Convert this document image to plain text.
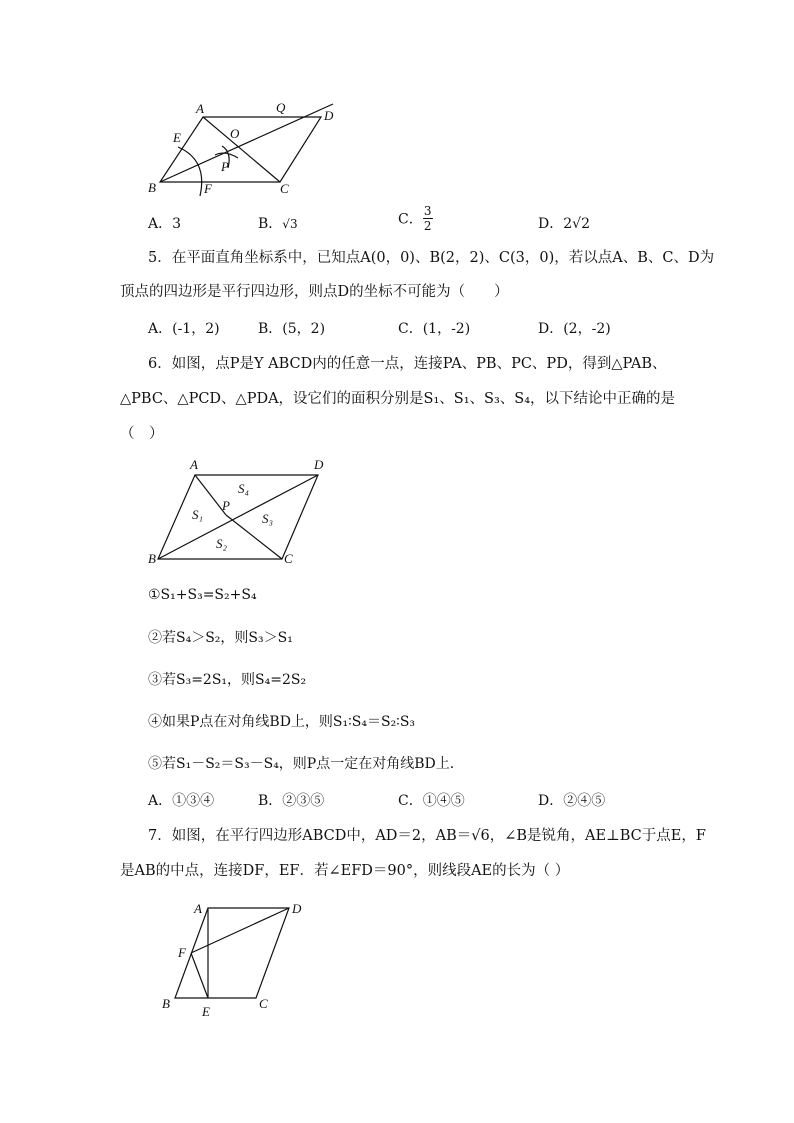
A	Q
D
E	O
P
B	F	C
A．3	B．√3	C． $\frac{3}{2}$	D．2√2
5．在平面直角坐标系中，已知点A(0，0)、B(2，2)、C(3，0)，若以点A、B、C、D为
顶点的四边形是平行四边形，则点D的坐标不可能为（　　）
A．(-1，2)	B．(5，2)	C．(1，-2)	D．(2，-2)
6．如图，点P是Y ABCD内的任意一点，连接PA、PB、PC、PD，得到△PAB、
△PBC、△PCD、△PDA，设它们的面积分别是S₁、S₁、S₃、S₄，以下结论中正确的是
（　）
A	D
S₄
S₁
P
S₃
S₂
B	C
①S₁+S₃=S₂+S₄
②若S₄＞S₂，则S₃＞S₁
③若S₃=2S₁，则S₄=2S₂
④如果P点在对角线BD上，则S₁∶S₄＝S₂∶S₃
⑤若S₁－S₂＝S₃－S₄，则P点一定在对角线BD上．
A．①③④	B．②③⑤	C．①④⑤	D．②④⑤
7．如图，在平行四边形ABCD中，AD＝2，AB＝√6，∠B是锐角，AE⊥BC于点E，F
是AB的中点，连接DF，EF．若∠EFD＝90°，则线段AE的长为（ ）
A	D
F
B
E
C
